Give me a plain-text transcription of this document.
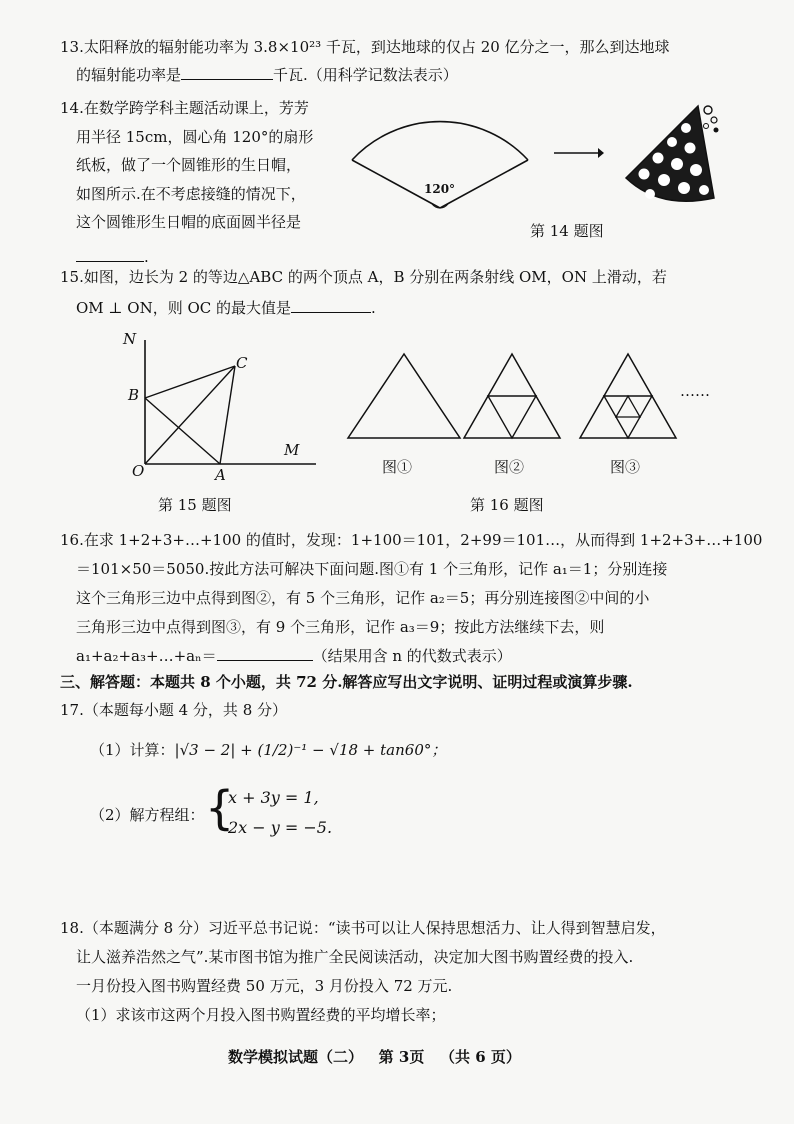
13.太阳释放的辐射能功率为 3.8×10²³ 千瓦，到达地球的仅占 20 亿分之一，那么到达地球
的辐射能功率是	千瓦.（用科学记数法表示）
14.在数学跨学科主题活动课上，芳芳
用半径 15cm，圆心角 120°的扇形
纸板，做了一个圆锥形的生日帽，
如图所示.在不考虑接缝的情况下，
这个圆锥形生日帽的底面圆半径是
.
120°
第 14 题图
15.如图，边长为 2 的等边△ABC 的两个顶点 A，B 分别在两条射线 OM，ON 上滑动，若
OM ⊥ ON，则 OC 的最大值是	.
N
B
C
O	A
M
第 15 题图
……
图①	图②	图③
第 16 题图
16.在求 1+2+3+…+100 的值时，发现：1+100＝101，2+99＝101…，从而得到 1+2+3+…+100
＝101×50＝5050.按此方法可解决下面问题.图①有 1 个三角形，记作 a₁＝1；分别连接
这个三角形三边中点得到图②，有 5 个三角形，记作 a₂＝5；再分别连接图②中间的小
三角形三边中点得到图③，有 9 个三角形，记作 a₃＝9；按此方法继续下去，则
a₁+a₂+a₃+…+aₙ＝	（结果用含 n 的代数式表示）
三、解答题：本题共 8 个小题，共 72 分.解答应写出文字说明、证明过程或演算步骤.
17.（本题每小题 4 分，共 8 分）
（1）计算：|√3 − 2| + (1/2)⁻¹ − √18 + tan60°；
（2）解方程组： {
x + 3y = 1,
2x − y = −5.
18.（本题满分 8 分）习近平总书记说：“读书可以让人保持思想活力、让人得到智慧启发，
让人滋养浩然之气”.某市图书馆为推广全民阅读活动，决定加大图书购置经费的投入.
一月份投入图书购置经费 50 万元，3 月份投入 72 万元.
（1）求该市这两个月投入图书购置经费的平均增长率；
数学模拟试题（二）   第 3页   （共 6 页）
